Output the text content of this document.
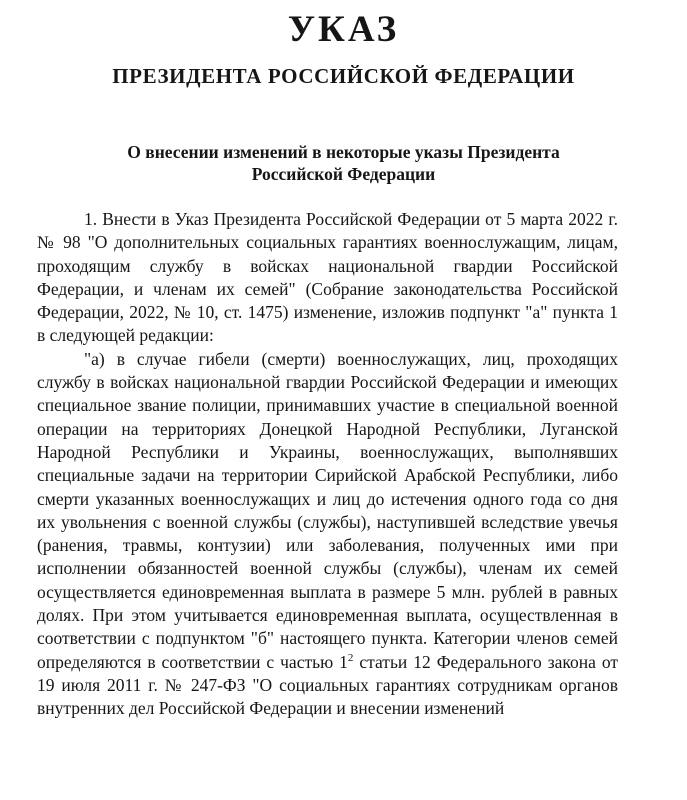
УКАЗ
ПРЕЗИДЕНТА РОССИЙСКОЙ ФЕДЕРАЦИИ
О внесении изменений в некоторые указы Президента
Российской Федерации

1. Внести в Указ Президента Российской Федерации от 5 марта 2022 г. № 98 "О дополнительных социальных гарантиях военнослужащим, лицам, проходящим службу в войсках национальной гвардии Российской Федерации, и членам их семей" (Собрание законодательства Российской Федерации, 2022, № 10, ст. 1475) изменение, изложив подпункт "а" пункта 1 в следующей редакции:

"а) в случае гибели (смерти) военнослужащих, лиц, проходящих службу в войсках национальной гвардии Российской Федерации и имеющих специальное звание полиции, принимавших участие в специальной военной операции на территориях Донецкой Народной Республики, Луганской Народной Республики и Украины, военнослужащих, выполнявших специальные задачи на территории Сирийской Арабской Республики, либо смерти указанных военнослужащих и лиц до истечения одного года со дня их увольнения с военной службы (службы), наступившей вследствие увечья (ранения, травмы, контузии) или заболевания, полученных ими при исполнении обязанностей военной службы (службы), членам их семей осуществляется единовременная выплата в размере 5 млн. рублей в равных долях. При этом учитывается единовременная выплата, осуществленная в соответствии с подпунктом "б" настоящего пункта. Категории членов семей определяются в соответствии с частью $1^2$ статьи 12 Федерального закона от 19 июля 2011 г. № 247-ФЗ "О социальных гарантиях сотрудникам органов внутренних дел Российской Федерации и внесении изменений
